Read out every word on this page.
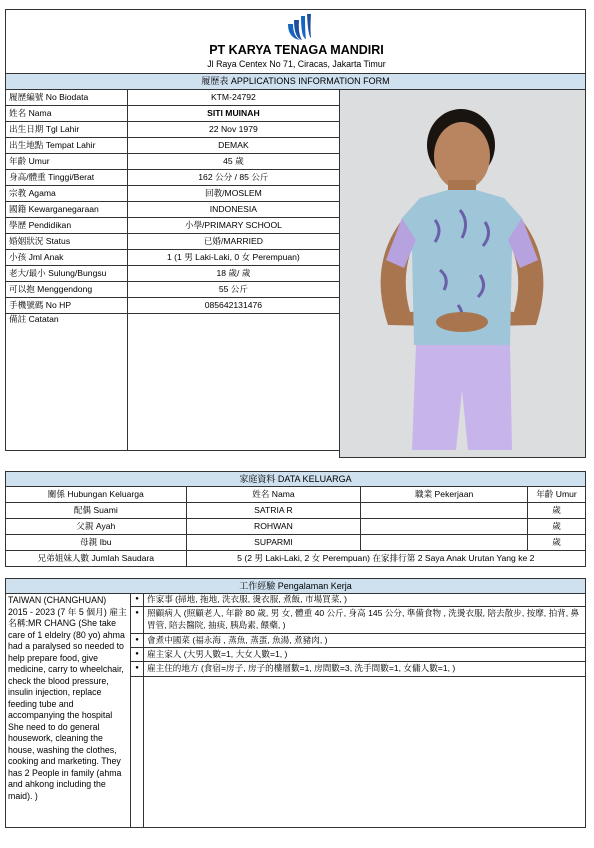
PT KARYA TENAGA MANDIRI
Jl Raya Centex No 71, Ciracas, Jakarta Timur
履歷表 APPLICATIONS INFORMATION FORM
履歷編號 No Biodata	KTM-24792
姓名 Nama	SITI MUINAH
出生日期 Tgl Lahir	22 Nov 1979
出生地點 Tempat Lahir	DEMAK
年齡 Umur	45 歲
身高/體重 Tinggi/Berat	162 公分 / 85 公斤
宗教 Agama	回教/MOSLEM
國籍 Kewarganegaraan	INDONESIA
學歷 Pendidikan	小學/PRIMARY SCHOOL
婚姻狀況 Status	已婚/MARRIED
小孩 Jml Anak	1 (1 男 Laki-Laki, 0 女 Perempuan)
老大/最小 Sulung/Bungsu	18 歲/ 歲
可以抱 Menggendong	55 公斤
手機號碼 No HP	085642131476
備註 Catatan	
家庭資料 DATA KELUARGA			
關係 Hubungan Keluarga	姓名 Nama	職業 Pekerjaan	年齡 Umur
配偶 Suami	SATRIA R		歲
父親 Ayah	ROHWAN		歲
母親 Ibu	SUPARMI		歲
兄弟姐妹人數 Jumlah Saudara	5 (2 男 Laki-Laki, 2 女 Perempuan) 在家排行第 2 Saya Anak Urutan Yang ke 2		
工作經驗 Pengalaman Kerja
TAIWAN (CHANGHUAN) 2015 - 2023 (7 年 5 個月) 雇主名稱:MR CHANG (She take care of 1 eldelry (80 yo) ahma had a paralysed so needed to help prepare food, give medicine, carry to wheelchair, check the blood pressure, insulin injection, replace feeding tube and accompanying the hospital She need to do general housework, cleaning the house, washing the clothes, cooking and marketing. They has 2 People in family (ahma and ahkong including the maid). )
● 作家事 (掃地, 拖地, 洗衣服, 燙衣服, 煮飯, 市場買菜, )
● 照顧病人 (照顧老人, 年齡 80 歲, 男 女, 體重 40 公斤, 身高 145 公分, 準備食物 , 洗燙衣服, 陪去散步, 按摩, 拍背, 鼻胃管, 陪去醫院, 抽痰, 胰島素, 餵藥, )
● 會煮中國菜 (福永海 , 蒸魚, 蒸蛋, 魚湯, 煮豬肉, )
● 雇主家人 (大男人數=1, 大女人數=1, )
● 雇主住的地方 (食宿=房子, 房子的樓層數=1, 房間數=3, 洗手間數=1, 女傭人數=1, )
